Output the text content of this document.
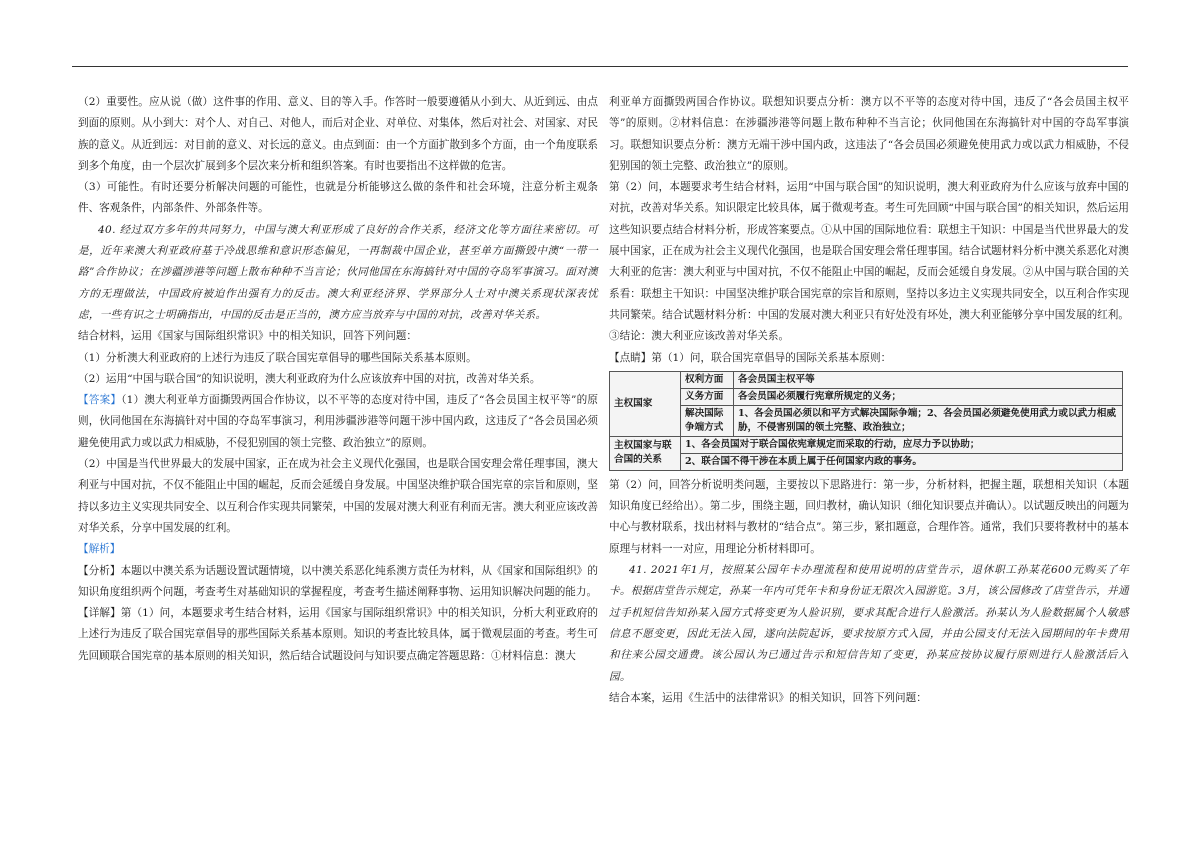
（2）重要性。应从说（做）这件事的作用、意义、目的等入手。作答时一般要遵循从小到大、从近到远、由点到面的原则。从小到大：对个人、对自己、对他人，而后对企业、对单位、对集体，然后对社会、对国家、对民族的意义。从近到远：对目前的意义、对长远的意义。由点到面：由一个方面扩散到多个方面，由一个角度联系到多个角度，由一个层次扩展到多个层次来分析和组织答案。有时也要指出不这样做的危害。

（3）可能性。有时还要分析解决问题的可能性，也就是分析能够这么做的条件和社会环境，注意分析主观条件、客观条件，内部条件、外部条件等。

40. 经过双方多年的共同努力，中国与澳大利亚形成了良好的合作关系，经济文化等方面往来密切。可是，近年来澳大利亚政府基于冷战思维和意识形态偏见，一再制裁中国企业，甚至单方面撕毁中澳“一带一路”合作协议；在涉疆涉港等问题上散布种种不当言论；伙同他国在东海搞针对中国的夺岛军事演习。面对澳方的无理做法，中国政府被迫作出强有力的反击。澳大利亚经济界、学界部分人士对中澳关系现状深表忧虑，一些有识之士明确指出，中国的反击是正当的，澳方应当放弃与中国的对抗，改善对华关系。

结合材料，运用《国家与国际组织常识》中的相关知识，回答下列问题：

（1）分析澳大利亚政府的上述行为违反了联合国宪章倡导的哪些国际关系基本原则。

（2）运用“中国与联合国”的知识说明，澳大利亚政府为什么应该放弃中国的对抗，改善对华关系。

【答案】（1）澳大利亚单方面撕毁两国合作协议，以不平等的态度对待中国，违反了“各会员国主权平等”的原则，伙同他国在东海搞针对中国的夺岛军事演习，利用涉疆涉港等问题干涉中国内政，这违反了“各会员国必须避免使用武力或以武力相威胁，不侵犯别国的领土完整、政治独立”的原则。

（2）中国是当代世界最大的发展中国家，正在成为社会主义现代化强国，也是联合国安理会常任理事国，澳大利亚与中国对抗，不仅不能阻止中国的崛起，反而会延缓自身发展。中国坚决维护联合国宪章的宗旨和原则，坚持以多边主义实现共同安全、以互利合作实现共同繁荣，中国的发展对澳大利亚有利而无害。澳大利亚应该改善对华关系，分享中国发展的红利。

【解析】

【分析】本题以中澳关系为话题设置试题情境，以中澳关系恶化纯系澳方责任为材料，从《国家和国际组织》的知识角度组织两个问题，考查考生对基础知识的掌握程度，考查考生描述阐释事物、运用知识解决问题的能力。

【详解】第（1）问，本题要求考生结合材料，运用《国家与国际组织常识》中的相关知识，分析大利亚政府的上述行为违反了联合国宪章倡导的那些国际关系基本原则。知识的考查比较具体，属于微观层面的考查。考生可先回顾联合国宪章的基本原则的相关知识，然后结合试题设问与知识要点确定答题思路：①材料信息：澳大

利亚单方面撕毁两国合作协议。联想知识要点分析：澳方以不平等的态度对待中国，违反了“各会员国主权平等”的原则。②材料信息：在涉疆涉港等问题上散布种种不当言论；伙同他国在东海搞针对中国的夺岛军事演习。联想知识要点分析：澳方无端干涉中国内政，这违法了“各会员国必须避免使用武力或以武力相威胁，不侵犯别国的领土完整、政治独立”的原则。

第（2）问，本题要求考生结合材料，运用“中国与联合国”的知识说明，澳大利亚政府为什么应该与放弃中国的对抗，改善对华关系。知识限定比较具体，属于微观考查。考生可先回顾“中国与联合国”的相关知识，然后运用这些知识要点结合材料分析，形成答案要点。①从中国的国际地位看：联想主干知识：中国是当代世界最大的发展中国家，正在成为社会主义现代化强国，也是联合国安理会常任理事国。结合试题材料分析中澳关系恶化对澳大利亚的危害：澳大利亚与中国对抗，不仅不能阻止中国的崛起，反而会延缓自身发展。②从中国与联合国的关系看：联想主干知识：中国坚决维护联合国宪章的宗旨和原则，坚持以多边主义实现共同安全，以互利合作实现共同繁荣。结合试题材料分析：中国的发展对澳大利亚只有好处没有坏处，澳大利亚能够分享中国发展的红利。③结论：澳大利亚应该改善对华关系。

【点睛】第（1）问，联合国宪章倡导的国际关系基本原则：

主权国家	权利方面	各会员国主权平等
	义务方面	各会员国必须履行宪章所规定的义务；
	解决国际争端方式	1、各会员国必须以和平方式解决国际争端；2、各会员国必须避免使用武力或以武力相威胁，不侵害别国的领土完整、政治独立；
主权国家与联合国的关系	1、各会员国对于联合国依宪章规定而采取的行动，应尽力予以协助；	
	2、联合国不得干涉在本质上属于任何国家内政的事务。	

第（2）问，回答分析说明类问题，主要按以下思路进行：第一步，分析材料，把握主题，联想相关知识（本题知识角度已经给出）。第二步，围绕主题，回归教材，确认知识（细化知识要点并确认）。以试题反映出的问题为中心与教材联系，找出材料与教材的“结合点”。第三步，紧扣题意，合理作答。通常，我们只要将教材中的基本原理与材料一一对应，用理论分析材料即可。

41. 2021年1月，按照某公园年卡办理流程和使用说明的店堂告示，退休职工孙某花600元购买了年卡。根据店堂告示规定，孙某一年内可凭年卡和身份证无限次入园游览。3月，该公园修改了店堂告示，并通过手机短信告知孙某入园方式将变更为人脸识别，要求其配合进行人脸激活。孙某认为人脸数据属个人敏感信息不愿变更，因此无法入园，遂向法院起诉，要求按原方式入园，并由公园支付无法入园期间的年卡费用和往来公园交通费。该公园认为已通过告示和短信告知了变更，孙某应按协议履行原则进行人脸激活后入园。

结合本案，运用《生活中的法律常识》的相关知识，回答下列问题：
